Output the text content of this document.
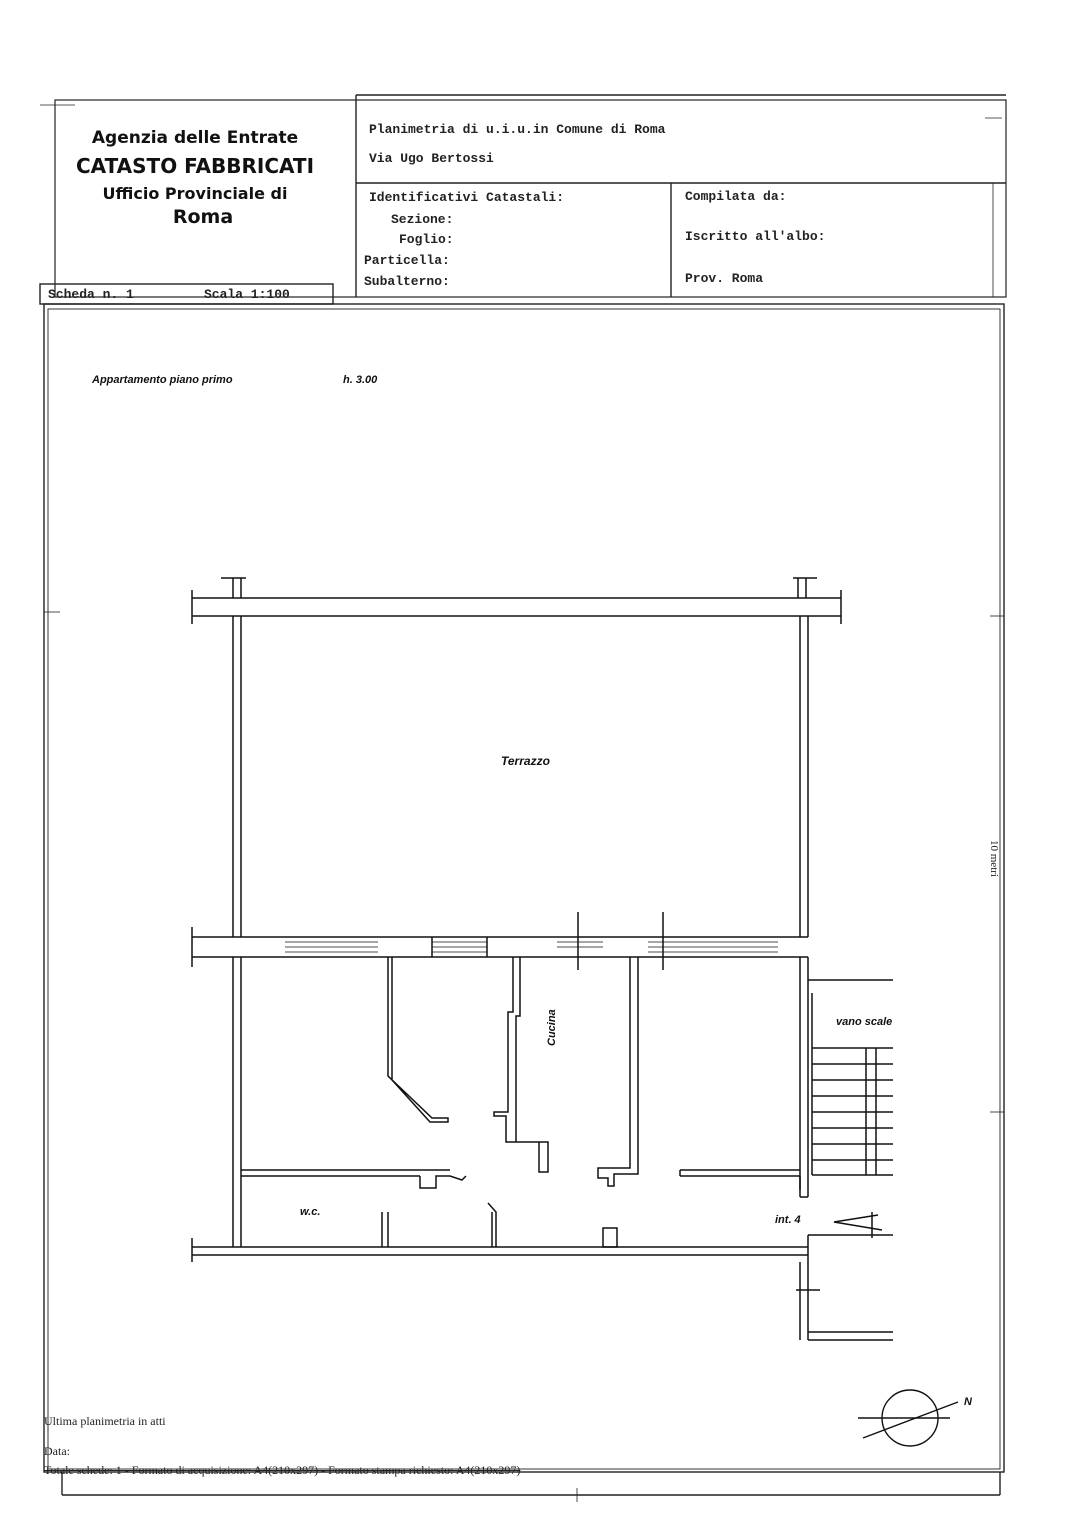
Agenzia delle Entrate
CATASTO FABBRICATI
Ufficio Provinciale di
Roma
Planimetria di u.i.u.in Comune di Roma
Via Ugo Bertossi
Identificativi Catastali:
Sezione:
Foglio:
Particella:
Subalterno:
Compilata da:
Iscritto all'albo:
Prov. Roma
Scheda n. 1	Scala 1:100
Appartamento piano primo	h. 3.00
Terrazzo
Cucina
w.c.
vano scale
int. 4
N
10 metri
Ultima planimetria in atti
Data:
Totale schede: 1 - Formato di acquisizione: A4(210x297) - Formato stampa richiesto: A4(210x297)
